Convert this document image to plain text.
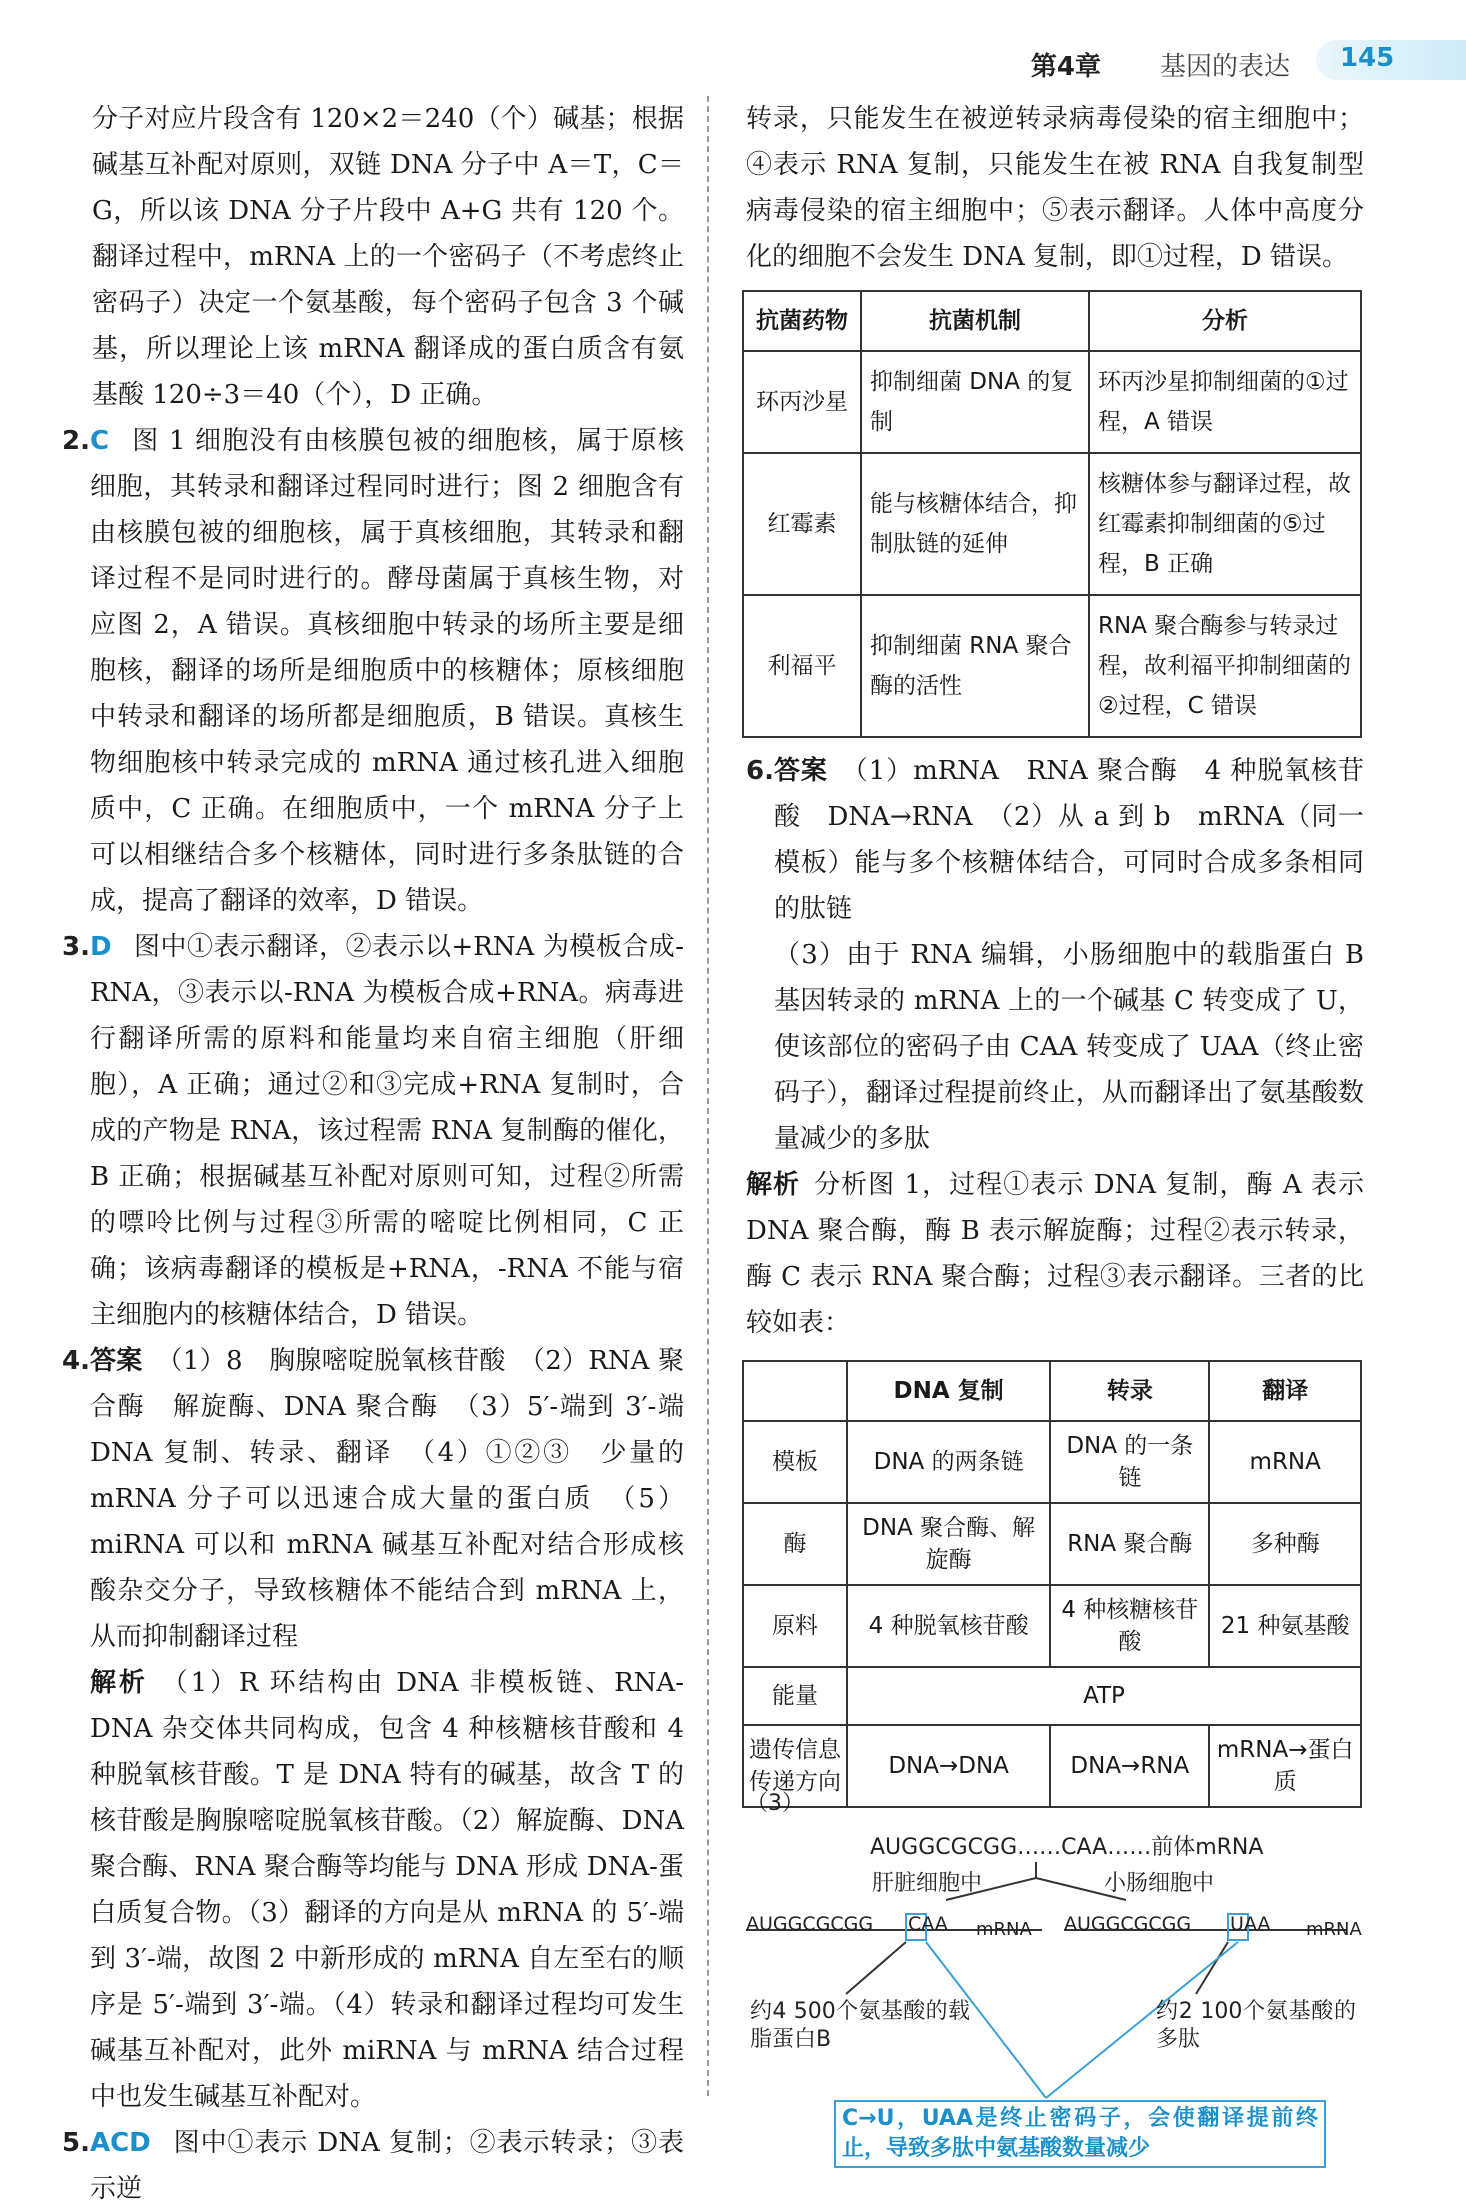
第4章 基因的表达 145

分子对应片段含有 120×2＝240（个）碱基；根据碱基互补配对原则，双链 DNA 分子中 A＝T，C＝G，所以该 DNA 分子片段中 A+G 共有 120 个。翻译过程中，mRNA 上的一个密码子（不考虑终止密码子）决定一个氨基酸，每个密码子包含 3 个碱基，所以理论上该 mRNA 翻译成的蛋白质含有氨基酸 120÷3＝40（个），D 正确。

2. C 图 1 细胞没有由核膜包被的细胞核，属于原核细胞，其转录和翻译过程同时进行；图 2 细胞含有由核膜包被的细胞核，属于真核细胞，其转录和翻译过程不是同时进行的。酵母菌属于真核生物，对应图 2，A 错误。真核细胞中转录的场所主要是细胞核，翻译的场所是细胞质中的核糖体；原核细胞中转录和翻译的场所都是细胞质，B 错误。真核生物细胞核中转录完成的 mRNA 通过核孔进入细胞质中，C 正确。在细胞质中，一个 mRNA 分子上可以相继结合多个核糖体，同时进行多条肽链的合成，提高了翻译的效率，D 错误。
3. D 图中①表示翻译，②表示以+RNA 为模板合成-RNA，③表示以-RNA 为模板合成+RNA。病毒进行翻译所需的原料和能量均来自宿主细胞（肝细胞），A 正确；通过②和③完成+RNA 复制时，合成的产物是 RNA，该过程需 RNA 复制酶的催化，B 正确；根据碱基互补配对原则可知，过程②所需的嘌呤比例与过程③所需的嘧啶比例相同，C 正确；该病毒翻译的模板是+RNA，-RNA 不能与宿主细胞内的核糖体结合，D 错误。
4. 答案 （1）8　胸腺嘧啶脱氧核苷酸　（2）RNA 聚合酶　解旋酶、DNA 聚合酶　（3）5′-端到 3′-端　DNA 复制、转录、翻译　（4）①②③　少量的 mRNA 分子可以迅速合成大量的蛋白质　（5）miRNA 可以和 mRNA 碱基互补配对结合形成核酸杂交分子，导致核糖体不能结合到 mRNA 上，从而抑制翻译过程
解析 （1）R 环结构由 DNA 非模板链、RNA-DNA 杂交体共同构成，包含 4 种核糖核苷酸和 4 种脱氧核苷酸。T 是 DNA 特有的碱基，故含 T 的核苷酸是胸腺嘧啶脱氧核苷酸。（2）解旋酶、DNA 聚合酶、RNA 聚合酶等均能与 DNA 形成 DNA-蛋白质复合物。（3）翻译的方向是从 mRNA 的 5′-端到 3′-端，故图 2 中新形成的 mRNA 自左至右的顺序是 5′-端到 3′-端。（4）转录和翻译过程均可发生碱基互补配对，此外 miRNA 与 mRNA 结合过程中也发生碱基互补配对。
5. ACD 图中①表示 DNA 复制；②表示转录；③表示逆

转录，只能发生在被逆转录病毒侵染的宿主细胞中；④表示 RNA 复制，只能发生在被 RNA 自我复制型病毒侵染的宿主细胞中；⑤表示翻译。人体中高度分化的细胞不会发生 DNA 复制，即①过程，D 错误。

抗菌药物	抗菌机制	分析
环丙沙星	抑制细菌 DNA 的复制	环丙沙星抑制细菌的①过程，A 错误
红霉素	能与核糖体结合，抑制肽链的延伸	核糖体参与翻译过程，故红霉素抑制细菌的⑤过程，B 正确
利福平	抑制细菌 RNA 聚合酶的活性	RNA 聚合酶参与转录过程，故利福平抑制细菌的②过程，C 错误
6. 答案 （1）mRNA　RNA 聚合酶　4 种脱氧核苷酸　DNA→RNA　（2）从 a 到 b　mRNA（同一模板）能与多个核糖体结合，可同时合成多条相同的肽链
（3）由于 RNA 编辑，小肠细胞中的载脂蛋白 B 基因转录的 mRNA 上的一个碱基 C 转变成了 U，使该部位的密码子由 CAA 转变成了 UAA（终止密码子），翻译过程提前终止，从而翻译出了氨基酸数量减少的多肽
解析 分析图 1，过程①表示 DNA 复制，酶 A 表示 DNA 聚合酶，酶 B 表示解旋酶；过程②表示转录，酶 C 表示 RNA 聚合酶；过程③表示翻译。三者的比较如表：
	DNA 复制	转录	翻译
模板	DNA 的两条链	DNA 的一条链	mRNA
酶	DNA 聚合酶、解旋酶	RNA 聚合酶	多种酶
原料	4 种脱氧核苷酸	4 种核糖核苷酸	21 种氨基酸
能量	ATP		
遗传信息传递方向	DNA→DNA	DNA→RNA	mRNA→蛋白质
（3）
AUGGCGCGG……CAA……前体mRNA
肝脏细胞中	小肠细胞中
AUGGCGCGG CAA mRNA AUGGCGCGG UAA mRNA
约4 500个氨基酸的载脂蛋白B
约2 100个氨基酸的多肽
C→U，UAA是终止密码子，会使翻译提前终止，导致多肽中氨基酸数量减少
